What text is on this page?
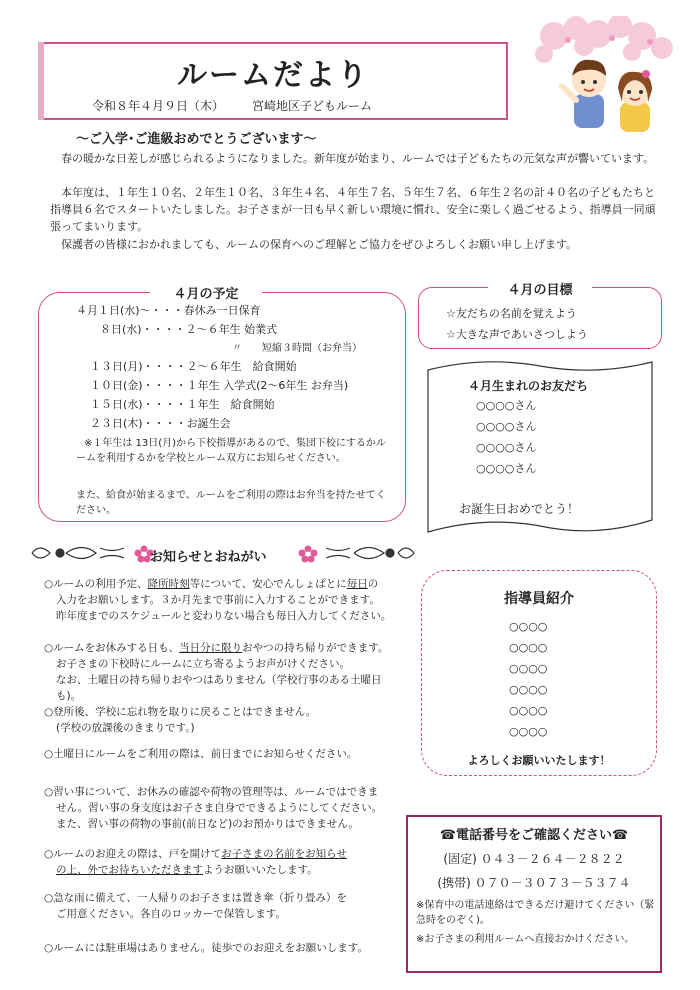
ルームだより
令和８年４月９日（木） 宮崎地区子どもルーム
～ご入学･ご進級おめでとうございます～

春の暖かな日差しが感じられるようになりました。新年度が始まり、ルームでは子どもたちの元気な声が響いています。

本年度は、１年生１０名、２年生１０名、３年生４名、４年生７名、５年生７名、６年生２名の計４０名の子どもたちと指導員６名でスタートいたしました。お子さまが一日も早く新しい環境に慣れ、安全に楽しく過ごせるよう、指導員一同頑張ってまいります。

保護者の皆様におかれましても、ルームの保育へのご理解とご協力をぜひよろしくお願い申し上げます。

４月の予定
４月１日(水)～・・・春休み一日保育
８日(水)・・・・２～６年生 始業式
〃　　短縮３時間（お弁当）
１３日(月)・・・・２～６年生　給食開始
１０日(金)・・・・１年生 入学式(2～6年生 お弁当)
１５日(水)・・・・１年生　給食開始
２３日(木)・・・・お誕生会

※１年生は 13日(月)から下校指導があるので、集団下校にするかルームを利用するかを学校とルーム双方にお知らせください。

また、給食が始まるまで、ルームをご利用の際はお弁当を持たせてください。

４月の目標
☆友だちの名前を覚えよう
☆大きな声であいさつしよう
４月生まれのお友だち
○○○○さん
○○○○さん
○○○○さん
○○○○さん
お誕生日おめでとう！
お知らせとおねがい
○ルームの利用予定、降所時刻等について、安心でんしょばとに毎日の
入力をお願いします。３か月先まで事前に入力することができます。
昨年度までのスケジュールと変わりない場合も毎日入力してください。
○ルームをお休みする日も、当日分に限りおやつの持ち帰りができます。
お子さまの下校時にルームに立ち寄るようお声がけください。
なお、土曜日の持ち帰りおやつはありません（学校行事のある土曜日も)。
○登所後、学校に忘れ物を取りに戻ることはできません。
(学校の放課後のきまりです。)
○土曜日にルームをご利用の際は、前日までにお知らせください。
○習い事について、お休みの確認や荷物の管理等は、ルームではできま
せん。習い事の身支度はお子さま自身でできるようにしてください。
また、習い事の荷物の事前(前日など)のお預かりはできません。
○ルームのお迎えの際は、戸を開けてお子さまの名前をお知らせ
の上、外でお待ちいただきますようお願いいたします。
○急な雨に備えて、一人帰りのお子さまは置き傘（折り畳み）を
ご用意ください。各自のロッカーで保管します。
○ルームには駐車場はありません。徒歩でのお迎えをお願いします。
指導員紹介
○○○○
○○○○
○○○○
○○○○
○○○○
○○○○
よろしくお願いいたします！
☎電話番号をご確認ください☎
(固定) ０４３－２６４－２８２２
(携帯) ０７０－３０７３－５３７４

※保育中の電話連絡はできるだけ避けてください（緊急時をのぞく)。

※お子さまの利用ルームへ直接おかけください。
